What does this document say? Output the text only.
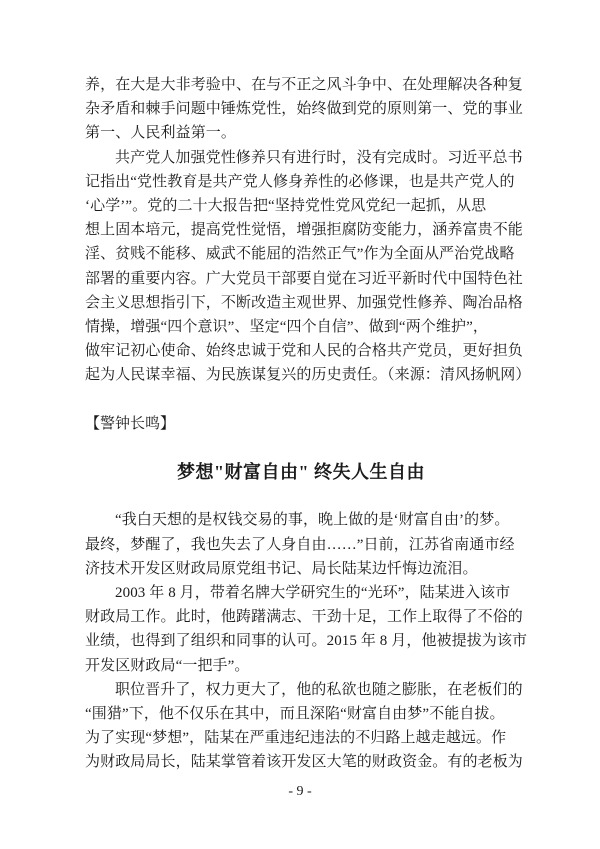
养，在大是大非考验中、在与不正之风斗争中、在处理解决各种复
杂矛盾和棘手问题中锤炼党性，始终做到党的原则第一、党的事业
第一、人民利益第一。
共产党人加强党性修养只有进行时，没有完成时。习近平总书
记指出“党性教育是共产党人修身养性的必修课，也是共产党人的
‘心学’”。党的二十大报告把“坚持党性党风党纪一起抓，从思
想上固本培元，提高党性觉悟，增强拒腐防变能力，涵养富贵不能
淫、贫贱不能移、威武不能屈的浩然正气”作为全面从严治党战略
部署的重要内容。广大党员干部要自觉在习近平新时代中国特色社
会主义思想指引下，不断改造主观世界、加强党性修养、陶冶品格
情操，增强“四个意识”、坚定“四个自信”、做到“两个维护”，
做牢记初心使命、始终忠诚于党和人民的合格共产党员，更好担负
起为人民谋幸福、为民族谋复兴的历史责任。（来源：清风扬帆网）
【警钟长鸣】
梦想"财富自由" 终失人生自由
“我白天想的是权钱交易的事，晚上做的是‘财富自由’的梦。
最终，梦醒了，我也失去了人身自由……”日前，江苏省南通市经
济技术开发区财政局原党组书记、局长陆某边忏悔边流泪。
2003 年 8 月，带着名牌大学研究生的“光环”，陆某进入该市
财政局工作。此时，他踌躇满志、干劲十足，工作上取得了不俗的
业绩，也得到了组织和同事的认可。2015 年 8 月，他被提拔为该市
开发区财政局“一把手”。
职位晋升了，权力更大了，他的私欲也随之膨胀，在老板们的
“围猎”下，他不仅乐在其中，而且深陷“财富自由梦”不能自拔。
为了实现“梦想”，陆某在严重违纪违法的不归路上越走越远。作
为财政局局长，陆某掌管着该开发区大笔的财政资金。有的老板为
- 9 -
